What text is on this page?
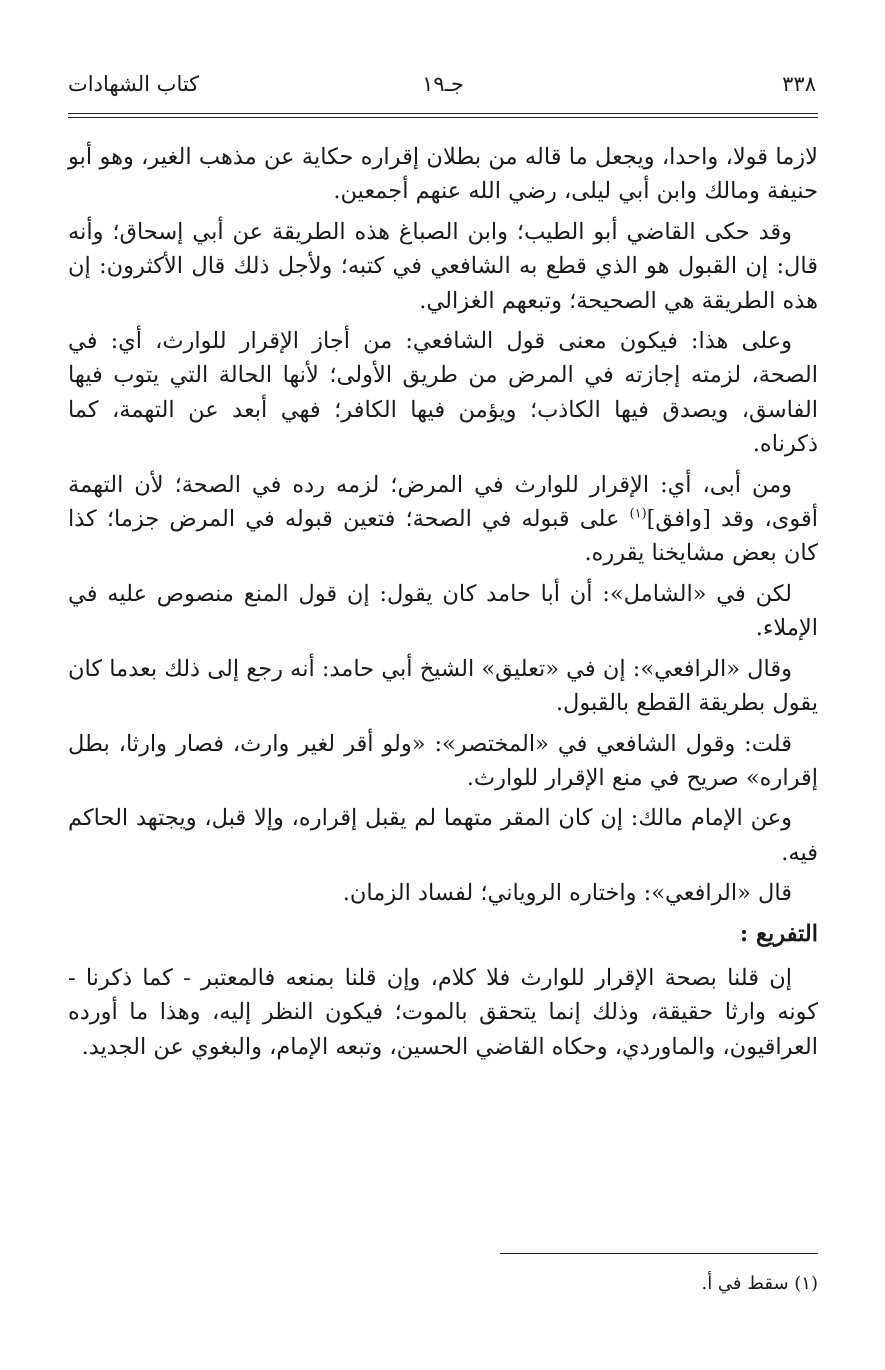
٣٣٨
جـ١٩
كتاب الشهادات

لازما قولا، واحدا، ويجعل ما قاله من بطلان إقراره حكاية عن مذهب الغير، وهو أبو حنيفة ومالك وابن أبي ليلى، رضي الله عنهم أجمعين.

وقد حكى القاضي أبو الطيب؛ وابن الصباغ هذه الطريقة عن أبي إسحاق؛ وأنه قال: إن القبول هو الذي قطع به الشافعي في كتبه؛ ولأجل ذلك قال الأكثرون: إن هذه الطريقة هي الصحيحة؛ وتبعهم الغزالي.

وعلى هذا: فيكون معنى قول الشافعي: من أجاز الإقرار للوارث، أي: في الصحة، لزمته إجازته في المرض من طريق الأولى؛ لأنها الحالة التي يتوب فيها الفاسق، ويصدق فيها الكاذب؛ ويؤمن فيها الكافر؛ فهي أبعد عن التهمة، كما ذكرناه.

ومن أبى، أي: الإقرار للوارث في المرض؛ لزمه رده في الصحة؛ لأن التهمة أقوى، وقد [وافق]$^{(١)}$ على قبوله في الصحة؛ فتعين قبوله في المرض جزما؛ كذا كان بعض مشايخنا يقرره.

لكن في «الشامل»: أن أبا حامد كان يقول: إن قول المنع منصوص عليه في الإملاء.

وقال «الرافعي»: إن في «تعليق» الشيخ أبي حامد: أنه رجع إلى ذلك بعدما كان يقول بطريقة القطع بالقبول.

قلت: وقول الشافعي في «المختصر»: «ولو أقر لغير وارث، فصار وارثا، بطل إقراره» صريح في منع الإقرار للوارث.

وعن الإمام مالك: إن كان المقر متهما لم يقبل إقراره، وإلا قبل، ويجتهد الحاكم فيه.

قال «الرافعي»: واختاره الروياني؛ لفساد الزمان.

التفريع :

إن قلنا بصحة الإقرار للوارث فلا كلام، وإن قلنا بمنعه فالمعتبر - كما ذكرنا - كونه وارثا حقيقة، وذلك إنما يتحقق بالموت؛ فيكون النظر إليه، وهذا ما أورده العراقيون، والماوردي، وحكاه القاضي الحسين، وتبعه الإمام، والبغوي عن الجديد.

(١) سقط في أ.
